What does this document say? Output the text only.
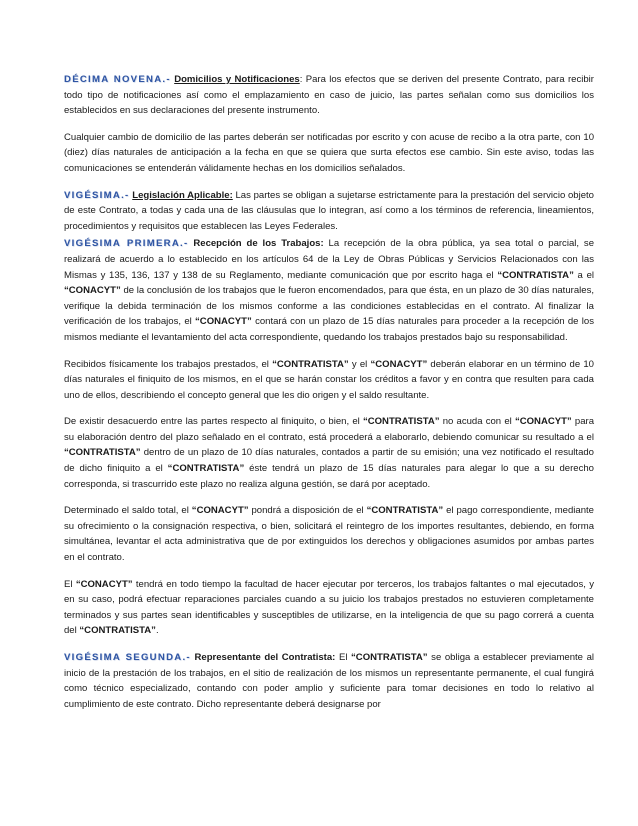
DÉCIMA NOVENA.- Domicilios y Notificaciones: Para los efectos que se deriven del presente Contrato, para recibir todo tipo de notificaciones así como el emplazamiento en caso de juicio, las partes señalan como sus domicilios los establecidos en sus declaraciones del presente instrumento.

Cualquier cambio de domicilio de las partes deberán ser notificadas por escrito y con acuse de recibo a la otra parte, con 10 (diez) días naturales de anticipación a la fecha en que se quiera que surta efectos ese cambio. Sin este aviso, todas las comunicaciones se entenderán válidamente hechas en los domicilios señalados.

VIGÉSIMA.- Legislación Aplicable: Las partes se obligan a sujetarse estrictamente para la prestación del servicio objeto de este Contrato, a todas y cada una de las cláusulas que lo integran, así como a los términos de referencia, lineamientos, procedimientos y requisitos que establecen las Leyes Federales.

VIGÉSIMA PRIMERA.- Recepción de los Trabajos: La recepción de la obra pública, ya sea total o parcial, se realizará de acuerdo a lo establecido en los artículos 64 de la Ley de Obras Públicas y Servicios Relacionados con las Mismas y 135, 136, 137 y 138 de su Reglamento, mediante comunicación que por escrito haga el “CONTRATISTA” a el “CONACYT” de la conclusión de los trabajos que le fueron encomendados, para que ésta, en un plazo de 30 días naturales, verifique la debida terminación de los mismos conforme a las condiciones establecidas en el contrato. Al finalizar la verificación de los trabajos, el “CONACYT” contará con un plazo de 15 días naturales para proceder a la recepción de los mismos mediante el levantamiento del acta correspondiente, quedando los trabajos prestados bajo su responsabilidad.

Recibidos físicamente los trabajos prestados, el “CONTRATISTA” y el “CONACYT” deberán elaborar en un término de 10 días naturales el finiquito de los mismos, en el que se harán constar los créditos a favor y en contra que resulten para cada uno de ellos, describiendo el concepto general que les dio origen y el saldo resultante.

De existir desacuerdo entre las partes respecto al finiquito, o bien, el “CONTRATISTA” no acuda con el “CONACYT” para su elaboración dentro del plazo señalado en el contrato, está procederá a elaborarlo, debiendo comunicar su resultado a el “CONTRATISTA” dentro de un plazo de 10 días naturales, contados a partir de su emisión; una vez notificado el resultado de dicho finiquito a el “CONTRATISTA” éste tendrá un plazo de 15 días naturales para alegar lo que a su derecho corresponda, si trascurrido este plazo no realiza alguna gestión, se dará por aceptado.

Determinado el saldo total, el “CONACYT” pondrá a disposición de el “CONTRATISTA” el pago correspondiente, mediante su ofrecimiento o la consignación respectiva, o bien, solicitará el reintegro de los importes resultantes, debiendo, en forma simultánea, levantar el acta administrativa que de por extinguidos los derechos y obligaciones asumidos por ambas partes en el contrato.

El “CONACYT” tendrá en todo tiempo la facultad de hacer ejecutar por terceros, los trabajos faltantes o mal ejecutados, y en su caso, podrá efectuar reparaciones parciales cuando a su juicio los trabajos prestados no estuvieren completamente terminados y sus partes sean identificables y susceptibles de utilizarse, en la inteligencia de que su pago correrá a cuenta del “CONTRATISTA”.

VIGÉSIMA SEGUNDA.- Representante del Contratista: El “CONTRATISTA” se obliga a establecer previamente al inicio de la prestación de los trabajos, en el sitio de realización de los mismos un representante permanente, el cual fungirá como técnico especializado, contando con poder amplio y suficiente para tomar decisiones en todo lo relativo al cumplimiento de este contrato. Dicho representante deberá designarse por
